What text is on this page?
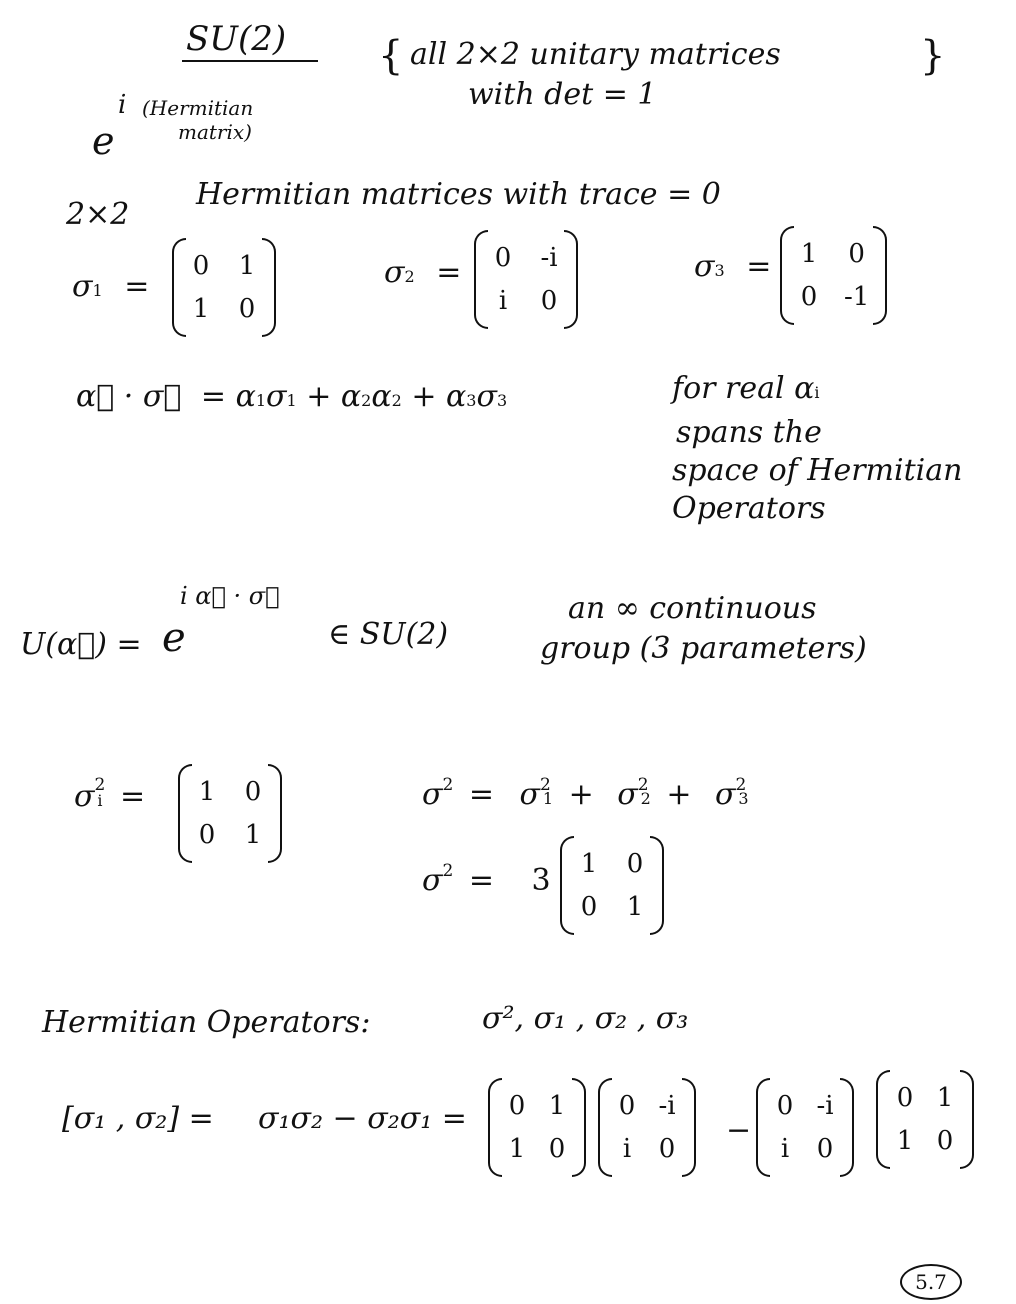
SU(2) { all 2×2 unitary matrices
with det = 1
}
e
i (Hermitian
matrix)
2×2
Hermitian matrices with trace = 0
σ1 =
0 1
1 0
σ2 = 0 -i
i 0
σ3 = 1 0
0 -1
α⃗ · σ⃗ = α1σ1 + α2α2 + α3σ3	for real αi
spans the
space of Hermitian
Operators
U(α⃗) = e
i α⃗ · σ⃗
∈ SU(2)
an ∞ continuous
group (3 parameters)
$\sigma^2i = 1$ 0
0 1
$\sigma^2 = \sigma^21 + \sigma^22 + \sigma^23$
$\sigma^2 = 3$ 1 0
0 1
Hermitian Operators:	σ², σ₁ , σ₂ , σ₃
[σ₁ , σ₂] = σ₁σ₂ − σ₂σ₁ = 0 1
1 0
0 -i
i 0
−
0 -i
i 0
0 1
1 0
5.7
